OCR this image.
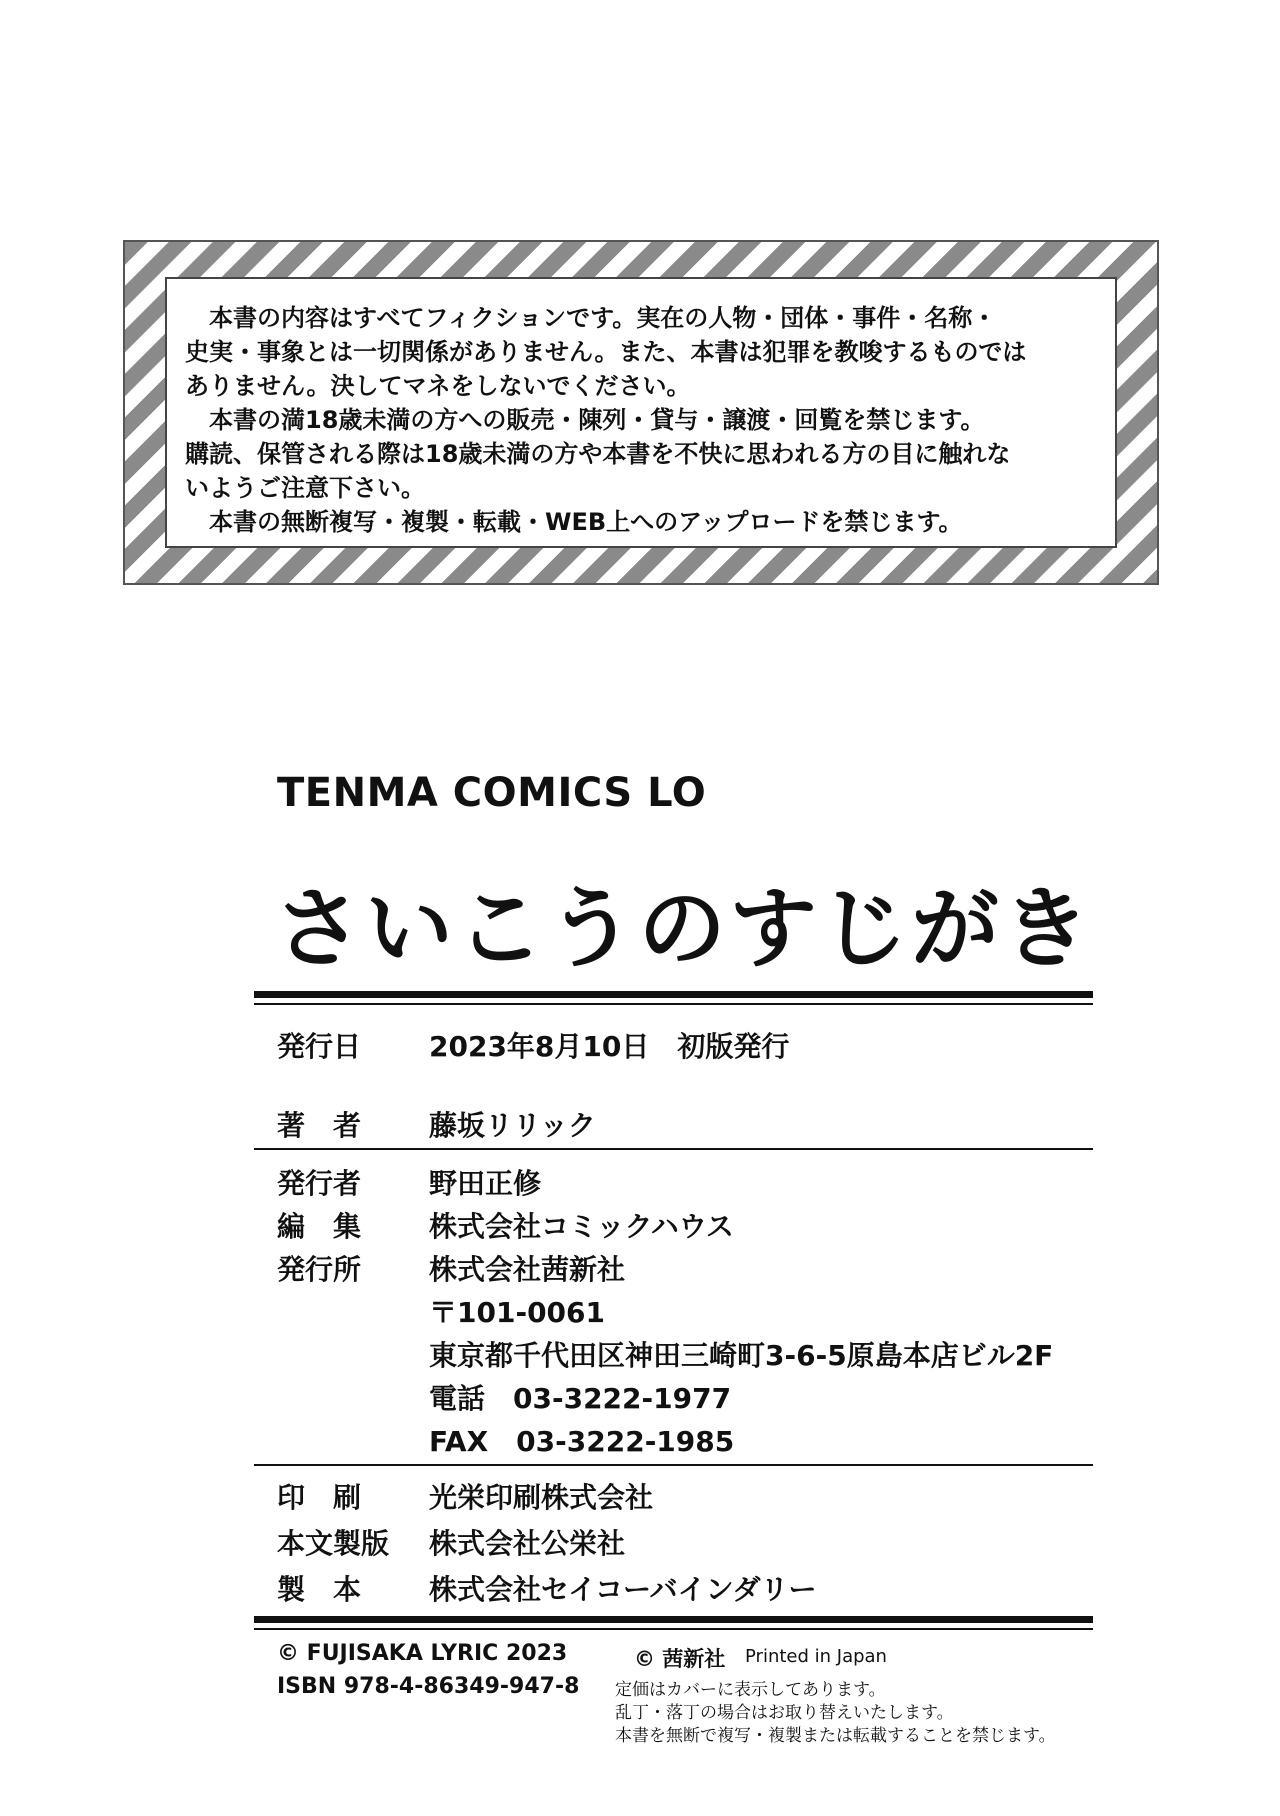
　本書の内容はすべてフィクションです。実在の人物・団体・事件・名称・

史実・事象とは一切関係がありません。また、本書は犯罪を教唆するものでは

ありません。決してマネをしないでください。

　本書の満18歳未満の方への販売・陳列・貸与・譲渡・回覧を禁じます。

購読、保管される際は18歳未満の方や本書を不快に思われる方の目に触れな

いようご注意下さい。

　本書の無断複写・複製・転載・WEB上へのアップロードを禁じます。

TENMA COMICS LO
さいこうのすじがき
発行日 2023年8月10日　初版発行
著　者 藤坂リリック
発行者 野田正修
編　集 株式会社コミックハウス
発行所 株式会社茜新社
〒101-0061
東京都千代田区神田三崎町3-6-5原島本店ビル2F
電話　03-3222-1977
FAX　03-3222-1985
印　刷 光栄印刷株式会社
本文製版 株式会社公栄社
製　本 株式会社セイコーバインダリー
© FUJISAKA LYRIC 2023
ISBN 978-4-86349-947-8
© 茜新社 Printed in Japan
定価はカバーに表示してあります。
乱丁・落丁の場合はお取り替えいたします。
本書を無断で複写・複製または転載することを禁じます。
